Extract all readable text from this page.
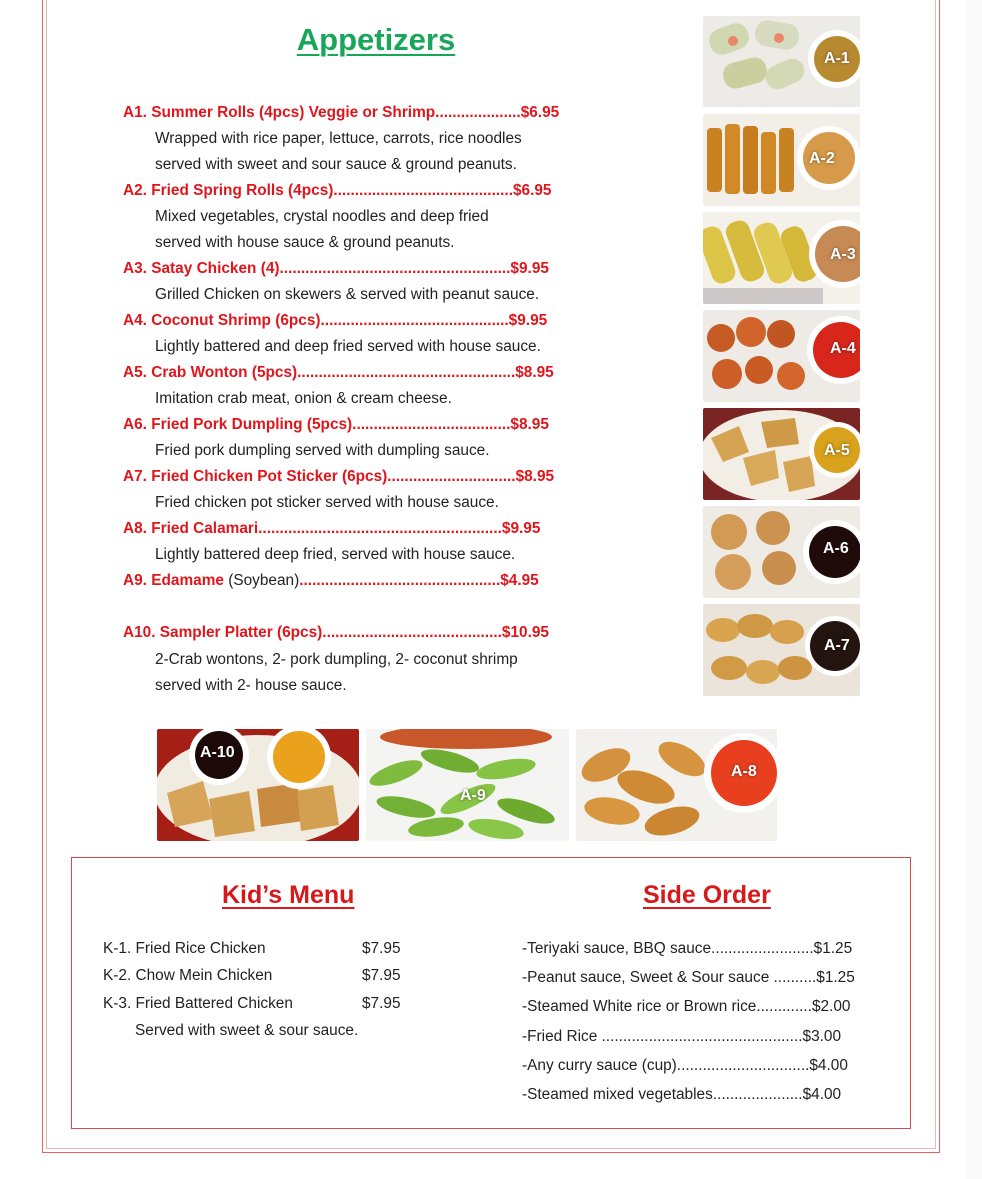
Appetizers
A1. Summer Rolls (4pcs) Veggie or Shrimp....................$6.95
Wrapped with rice paper, lettuce, carrots, rice noodles
served with sweet and sour sauce & ground peanuts.
A2. Fried Spring Rolls (4pcs)..........................................$6.95
Mixed vegetables, crystal noodles and deep fried
served with house sauce & ground peanuts.
A3. Satay Chicken (4)......................................................$9.95
Grilled Chicken on skewers & served with peanut sauce.
A4. Coconut Shrimp (6pcs)............................................$9.95
Lightly battered and deep fried served with house sauce.
A5. Crab Wonton (5pcs)...................................................$8.95
Imitation crab meat, onion & cream cheese.
A6. Fried Pork Dumpling (5pcs).....................................$8.95
Fried pork dumpling served with dumpling sauce.
A7. Fried Chicken Pot Sticker (6pcs)..............................$8.95
Fried chicken pot sticker served with house sauce.
A8. Fried Calamari.........................................................$9.95
Lightly battered deep fried, served with house sauce.
A9. Edamame (Soybean)...............................................$4.95
A10. Sampler Platter (6pcs)..........................................$10.95
2-Crab wontons, 2- pork dumpling, 2- coconut shrimp
served with 2- house sauce.
A-1
A-2
A-3
A-4
A-5
A-6
A-7
A-10
A-9
A-8
Kid’s Menu
K-1. Fried Rice Chicken	$7.95
K-2. Chow Mein Chicken	$7.95
K-3. Fried Battered Chicken	$7.95
Served with sweet & sour sauce.
Side Order
-Teriyaki sauce, BBQ sauce........................$1.25
-Peanut sauce, Sweet & Sour sauce ..........$1.25
-Steamed White rice or Brown rice.............$2.00
-Fried Rice ...............................................$3.00
-Any curry sauce (cup)...............................$4.00
-Steamed mixed vegetables.....................$4.00
